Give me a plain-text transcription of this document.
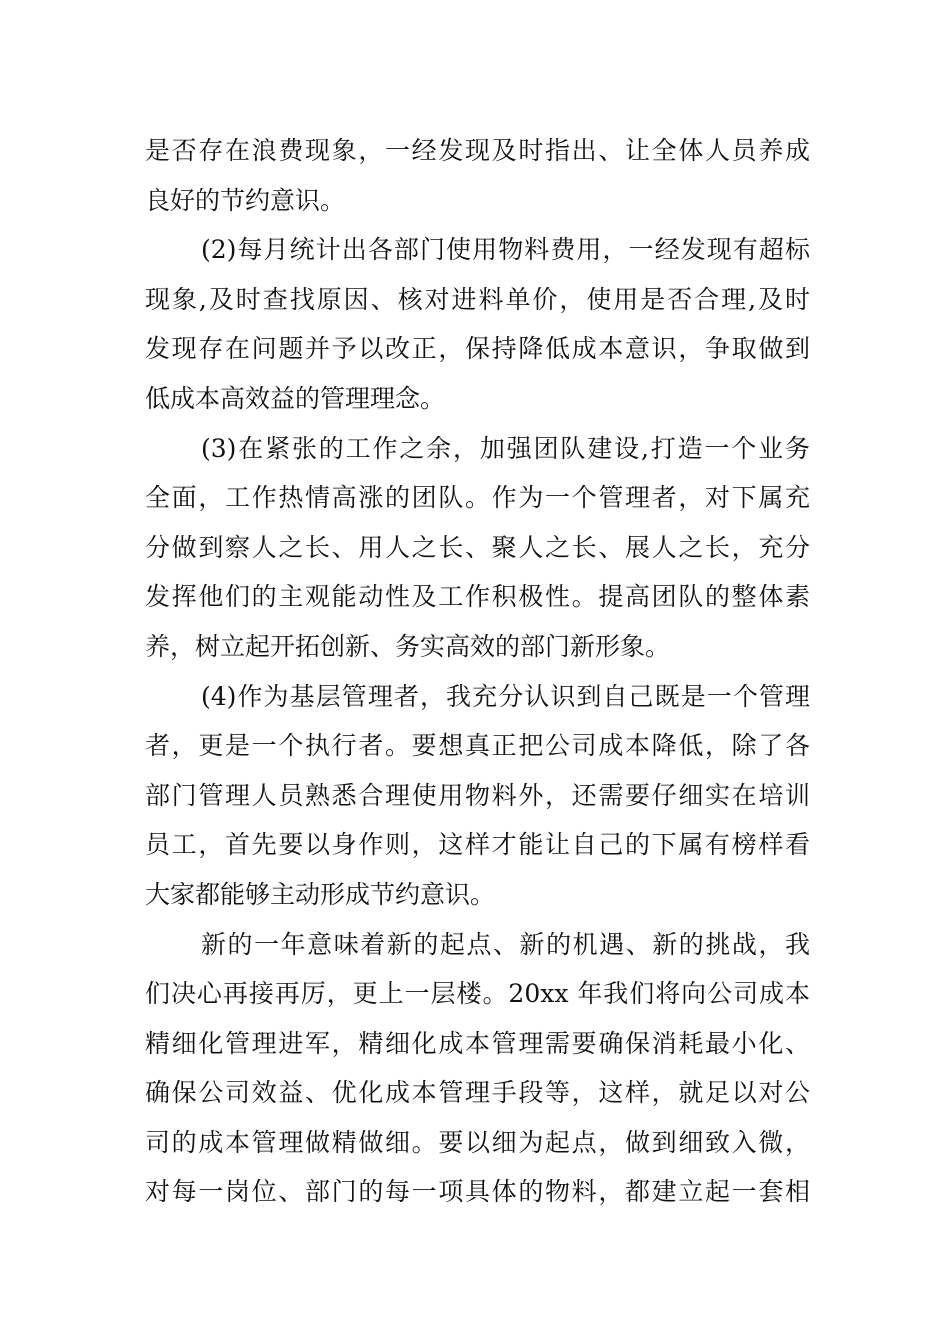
是否存在浪费现象，一经发现及时指出、让全体人员养成
良好的节约意识。
(2)每月统计出各部门使用物料费用，一经发现有超标
现象,及时查找原因、核对进料单价，使用是否合理,及时
发现存在问题并予以改正，保持降低成本意识，争取做到
低成本高效益的管理理念。
(3)在紧张的工作之余，加强团队建设,打造一个业务
全面，工作热情高涨的团队。作为一个管理者，对下属充
分做到察人之长、用人之长、聚人之长、展人之长，充分
发挥他们的主观能动性及工作积极性。提高团队的整体素
养，树立起开拓创新、务实高效的部门新形象。
(4)作为基层管理者，我充分认识到自己既是一个管理
者，更是一个执行者。要想真正把公司成本降低，除了各
部门管理人员熟悉合理使用物料外，还需要仔细实在培训
员工，首先要以身作则，这样才能让自己的下属有榜样看
大家都能够主动形成节约意识。
新的一年意味着新的起点、新的机遇、新的挑战，我
们决心再接再厉，更上一层楼。20xx 年我们将向公司成本
精细化管理进军，精细化成本管理需要确保消耗最小化、
确保公司效益、优化成本管理手段等，这样，就足以对公
司的成本管理做精做细。要以细为起点，做到细致入微，
对每一岗位、部门的每一项具体的物料，都建立起一套相
